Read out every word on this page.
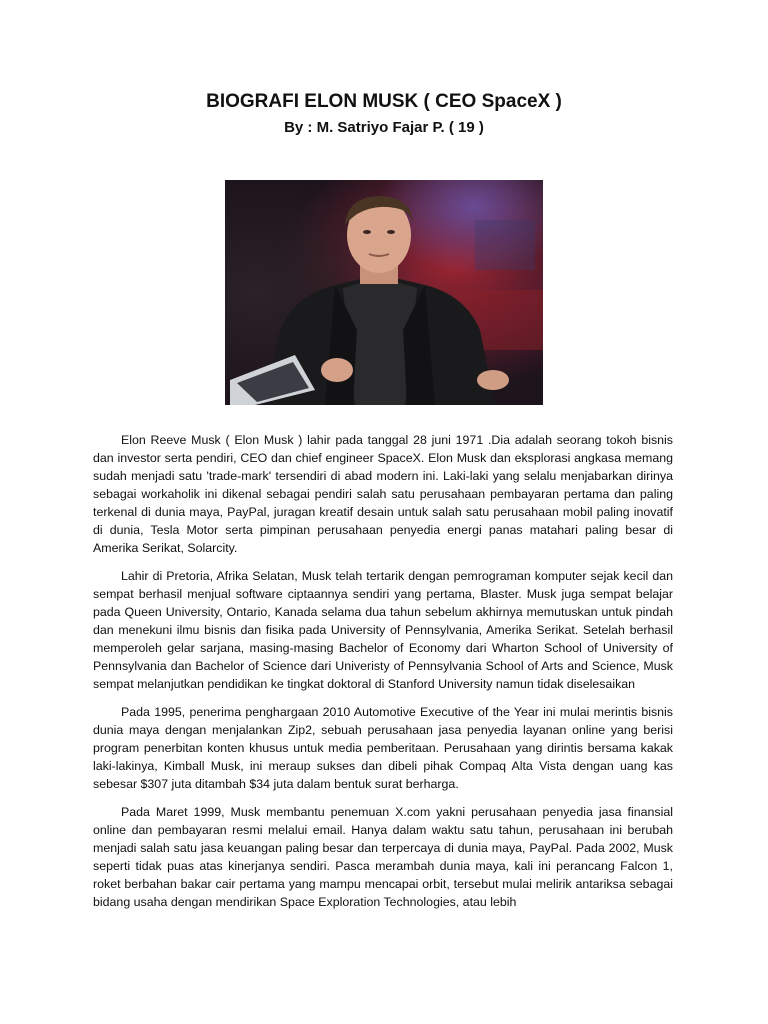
BIOGRAFI ELON MUSK ( CEO SpaceX )
By : M. Satriyo Fajar P. ( 19 )

Elon Reeve Musk ( Elon Musk ) lahir pada tanggal 28 juni 1971 .Dia adalah seorang tokoh bisnis dan investor serta pendiri, CEO dan chief engineer SpaceX. Elon Musk dan eksplorasi angkasa memang sudah menjadi satu 'trade-mark' tersendiri di abad modern ini. Laki-laki yang selalu menjabarkan dirinya sebagai workaholik ini dikenal sebagai pendiri salah satu perusahaan pembayaran pertama dan paling terkenal di dunia maya, PayPal, juragan kreatif desain untuk salah satu perusahaan mobil paling inovatif di dunia, Tesla Motor serta pimpinan perusahaan penyedia energi panas matahari paling besar di Amerika Serikat, Solarcity.

Lahir di Pretoria, Afrika Selatan, Musk telah tertarik dengan pemrograman komputer sejak kecil dan sempat berhasil menjual software ciptaannya sendiri yang pertama, Blaster. Musk juga sempat belajar pada Queen University, Ontario, Kanada selama dua tahun sebelum akhirnya memutuskan untuk pindah dan menekuni ilmu bisnis dan fisika pada University of Pennsylvania, Amerika Serikat. Setelah berhasil memperoleh gelar sarjana, masing-masing Bachelor of Economy dari Wharton School of University of Pennsylvania dan Bachelor of Science dari Univeristy of Pennsylvania School of Arts and Science, Musk sempat melanjutkan pendidikan ke tingkat doktoral di Stanford University namun tidak diselesaikan

Pada 1995, penerima penghargaan 2010 Automotive Executive of the Year ini mulai merintis bisnis dunia maya dengan menjalankan Zip2, sebuah perusahaan jasa penyedia layanan online yang berisi program penerbitan konten khusus untuk media pemberitaan. Perusahaan yang dirintis bersama kakak laki-lakinya, Kimball Musk, ini meraup sukses dan dibeli pihak Compaq Alta Vista dengan uang kas sebesar $307 juta ditambah $34 juta dalam bentuk surat berharga.

Pada Maret 1999, Musk membantu penemuan X.com yakni perusahaan penyedia jasa finansial online dan pembayaran resmi melalui email. Hanya dalam waktu satu tahun, perusahaan ini berubah menjadi salah satu jasa keuangan paling besar dan terpercaya di dunia maya, PayPal. Pada 2002, Musk seperti tidak puas atas kinerjanya sendiri. Pasca merambah dunia maya, kali ini perancang Falcon 1, roket berbahan bakar cair pertama yang mampu mencapai orbit, tersebut mulai melirik antariksa sebagai bidang usaha dengan mendirikan Space Exploration Technologies, atau lebih
